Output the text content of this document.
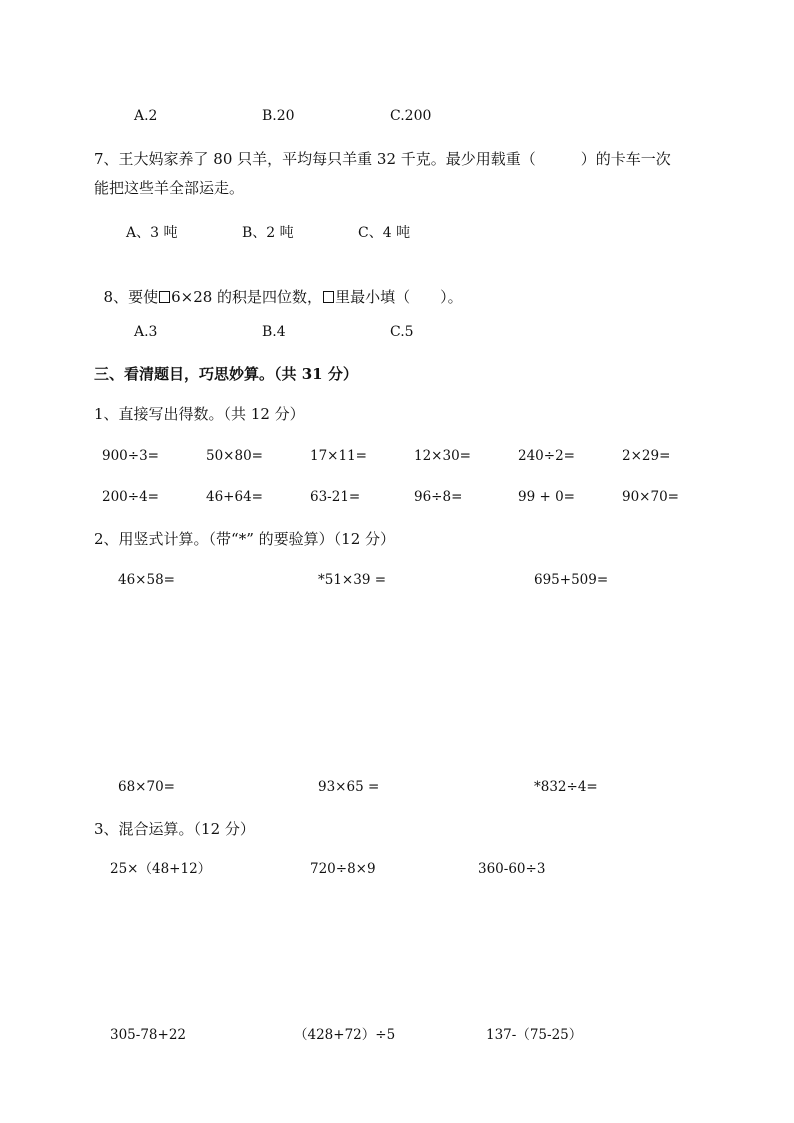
A.2	B.20	C.200
7、王大妈家养了 80 只羊，平均每只羊重 32 千克。最少用载重（　　　）的卡车一次
能把这些羊全部运走。
A、3 吨	B、2 吨	C、4 吨

8、要使 6×28 的积是四位数， 里最小填（　　）。

A.3	B.4	C.5
三、看清题目，巧思妙算。（共 31 分）
1、直接写出得数。（共 12 分）
900÷3=	50×80=	17×11=	12×30=	240÷2=	2×29=
200÷4=	46+64=	63-21=	96÷8=	99 + 0=	90×70=
2、用竖式计算。（带“*” 的要验算）（12 分）
46×58=	*51×39 =	695+509=
68×70=	93×65 =	*832÷4=
3、混合运算。（12 分）
25×（48+12）	720÷8×9	360-60÷3
305-78+22	（428+72）÷5	137-（75-25）
